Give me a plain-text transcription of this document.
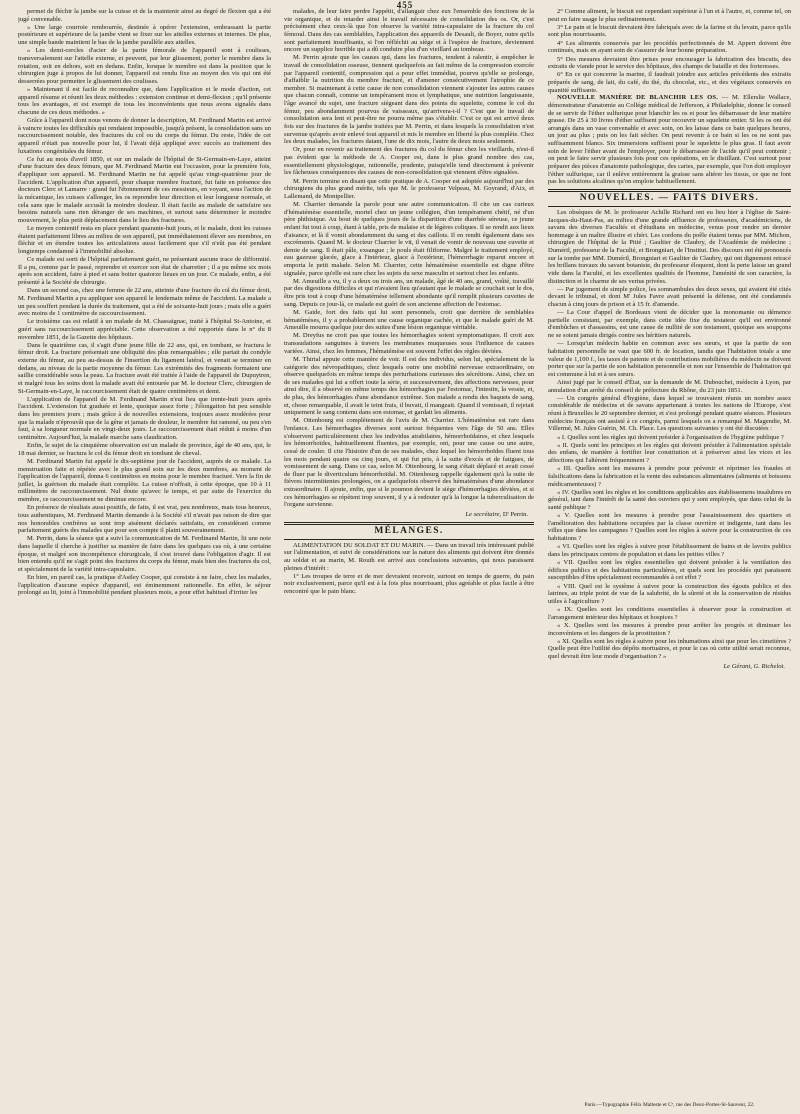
455

permet de fléchir la jambe sur la cuisse et de la maintenir ainsi au degré de flexion qui a été jugé convenable.

» Une large courroie rembourrée, destinée à opérer l'extension, embrassant la partie postérieure et supérieure de la jambe vient se fixer sur les attelles externes et internes. De plus, une simple bande maintient le bas de la jambe parallèle aux attelles.

» Les demi-cercles d'acier de la partie fémorale de l'appareil sont à coulisses, transversalement sur l'attelle externe, et peuvent, par leur glissement, porter le membre dans la rotation, soit en dehors, soit en dedans. Enfin, lorsque le membre est dans la position que le chirurgien juge à propos de lui donner, l'appareil est rendu fixe au moyen des vis qui ont été desserrées pour permettre le glissement des coulisses.

» Maintenant il est facile de reconnaître que, dans l'application et le mode d'action, cet appareil résume et réunit les deux méthodes : extension continue et demi-flexion ; qu'il présente tous les avantages, et est exempt de tous les inconvénients que nous avons signalés dans chacune de ces deux méthodes. »

Grâce à l'appareil dont nous venons de donner la description, M. Ferdinand Martin est arrivé à vaincre toutes les difficultés qui rendaient impossible, jusqu'à présent, la consolidation sans un raccourcissement notable, des fractures du col ou du corps du fémur. Du reste, l'idée de cet appareil n'était pas nouvelle pour lui, il l'avait déjà appliqué avec succès au traitement des luxations congénitales du fémur.

Ce fut au mois d'avril 1850, et sur un malade de l'hôpital de St-Germain-en-Laye, atteint d'une fracture des deux fémurs, que M. Ferdinand Martin eut l'occasion, pour la première fois, d'appliquer son appareil. M. Ferdinand Martin ne fut appelé qu'au vingt-quatrième jour de l'accident. L'application d'un appareil, pour chaque membre fracturé, fut faite en présence des docteurs Clerc et Lamarre : grand fut l'étonnement de ces messieurs, en voyant, sous l'action de la mécanique, les cuisses s'allonger, les os reprendre leur direction et leur longueur normale, et cela sans que le malade accusât la moindre douleur. Il était facile au malade de satisfaire ses besoins naturels sans rien déranger de ses machines, et surtout sans déterminer le moindre mouvement, le plus petit déplacement dans le lieu des fractures.

Le moyen contentif resta en place pendant quarante-huit jours, et le malade, dont les cuisses étaient parfaitement libres au milieu de son appareil, put immédiatement élever ses membres, en fléchir et en étendre toutes les articulations aussi facilement que s'il n'eût pas été pendant longtemps condamné à l'immobilité absolue.

Ce malade est sorti de l'hôpital parfaitement guéri, ne présentant aucune trace de difformité. Il a pu, comme par le passé, reprendre et exercer son état de charretier ; il a pu même six mois après son accident, faire à pied et sans boiter quatorze lieues en un jour. Ce malade, enfin, a été présenté à la Société de chirurgie.

Dans un second cas, chez une femme de 22 ans, atteinte d'une fracture du col du fémur droit, M. Ferdinand Martin a pu appliquer son appareil le lendemain même de l'accident. La malade a un peu souffert pendant la durée du traitement, qui a été de soixante-huit jours ; mais elle a guéri avec moins de 1 centimètre de raccourcissement.

Le troisième cas est relatif à un malade de M. Chassaignac, traité à l'hôpital St-Antoine, et guéri sans raccourcissement appréciable. Cette observation a été rapportée dans le n° du 8 novembre 1851, de la Gazette des hôpitaux.

Dans le quatrième cas, il s'agit d'une jeune fille de 22 ans, qui, en tombant, se fractura le fémur droit. La fracture présentait une obliquité des plus remarquables ; elle partait du condyle externe du fémur, au peu au-dessus de l'insertion du ligament latéral, et venait se terminer en dedans, au niveau de la partie moyenne du fémur. Les extrémités des fragments formaient une saillie considérable sous la peau. La fracture avait été traitée à l'aide de l'appareil de Dupuytren, et malgré tous les soins dont la malade avait été entourée par M. le docteur Clerc, chirurgien de St-Germain-en-Laye, le raccourcissement était de quatre centimètres et demi.

L'application de l'appareil de M. Ferdinand Martin n'eut lieu que trente-huit jours après l'accident. L'extension fut graduée et lente, quoique assez forte ; l'élongation fut peu sensible dans les premiers jours ; mais grâce à de nouvelles extensions, toujours assez modérées pour que la malade n'éprouvât que de la gêne et jamais de douleur, le membre fut ramené, ou peu s'en faut, à sa longueur normale en vingt-deux jours. Le raccourcissement était réduit à moins d'un centimètre. Aujourd'hui, la malade marche sans claudication.

Enfin, le sujet de la cinquième observation est un malade de province, âgé de 40 ans, qui, le 18 mai dernier, se fractura le col du fémur droit en tombant de cheval.

M. Ferdinand Martin fut appelé le dix-septième jour de l'accident, auprès de ce malade. La menstruation faite et répétée avec le plus grand soin sur les deux membres, au moment de l'application de l'appareil, donna 6 centimètres en moins pour le membre fracturé. Vers la fin de juillet, la guérison du malade était complète. La cuisse n'offrait, à cette époque, que 10 à 11 millimètres de raccourcissement. Nul doute qu'avec le temps, et par suite de l'exercice du membre, ce raccourcissement ne diminue encore.

En présence de résultats aussi positifs, de faits, il est vrai, peu nombreux, mais tous heureux, tous authentiques, M. Ferdinand Martin demande à la Société s'il n'avait pas raison de dire que nos honorables confrères se sont trop aisément déclarés satisfaits, en considérant comme parfaitement guéris des malades que pour son compte il plaint souverainement.

M. Perrin, dans la séance qui a suivi la communication de M. Ferdinand Martin, lit une note dans laquelle il cherche à justifier sa manière de faire dans les quelques cas où, à une certaine époque, et malgré son incompétence chirurgicale, il s'est trouvé dans l'obligation d'agir. Il est bien entendu qu'il ne s'agit point des fractures du corps du fémur, mais bien des fractures du col, et spécialement de la variété intra-capsulaire.

En bien, en pareil cas, la pratique d'Astley Cooper, qui consiste à ne faire, chez les malades, l'application d'aucune espèce d'appareil, est éminemment rationnelle. En effet, le séjour prolongé au lit, joint à l'immobilité pendant plusieurs mois, a pour effet habituel d'irriter les

malades, de leur faire perdre l'appétit, d'allanguir chez eux l'ensemble des fonctions de la vie organique, et de retarder ainsi le travail nécessaire de consolidation des os. Or, c'est précisément chez ceux-là que l'on observe la variété intra-capsulaire de la fracture du col fémoral. Dans des cas semblables, l'application des appareils de Desault, de Boyer, outre qu'ils sont parfaitement insuffisants, si l'on réfléchit au siège et à l'espèce de fracture, deviennent encore un supplice horrible qui a dû conduire plus d'un vieillard au tombeau.

M. Perrin ajoute que les causes qui, dans les fractures, tendent à ralentir, à empêcher le travail de consolidation osseuse, tiennent quelquefois au fait même de la compression exercée par l'appareil contentif, compression qui a pour effet immédiat, pourvu qu'elle se prolonge, d'affaiblir la nutrition du membre fracturé, et d'amener consécutivement l'atrophie de ce membre. Si maintenant à cette cause de non consolidation viennent s'ajouter les autres causes que chacun connaît, comme un tempérament mou et lymphatique, une nutrition languissante, l'âge avancé du sujet, une fracture siégeant dans des points du squelette, comme le col du fémur, peu abondamment pourvus de vaisseaux, qu'arrivera-t-il ? C'est que le travail de consolidation sera lent et peut-être ne pourra même pas s'établir. C'est ce qui est arrivé deux fois sur des fractures de la jambe traitées par M. Perrin, et dans lesquels la consolidation n'est survenue qu'après avoir enlevé tout appareil et mis le membre en liberté la plus complète. Chez les deux malades, les fractures datant, l'une de dix mois, l'autre de deux mois seulement.

Or, pour en revenir au traitement des fractures du col du fémur chez les vieillards, n'est-il pas évident que la méthode de A. Cooper est, dans le plus grand nombre des cas, essentiellement physiologique, rationnelle, prudente, puisqu'elle tend directement à prévenir les fâcheuses conséquences des causes de non-consolidation qui viennent d'être signalées.

M. Perrin termine en disant que cette pratique de A. Cooper est adoptée aujourd'hui par des chirurgiens du plus grand mérite, tels que M. le professeur Velpeau, M. Goyrand, d'Aix, et Lallemand, de Montpellier.

M. Charrier demande la parole pour une autre communication. Il cite un cas curieux d'hématémèse essentielle, mortel chez un jeune collégien, d'un tempérament chétif, né d'un père phthisique. Au bout de quelques jours de la disparition d'une diarrhée séreuse, ce jeune enfant fut tout à coup, étant à table, pris de malaise et de légères coliques. Il se rendit aux lieux d'aisance, et là il vomit abondamment du sang et des caillots. Il en rendit également dans ses excréments. Quand M. le docteur Charrier le vit, il venait de vomir de nouveau une cuvette et demie de sang. Il était pâle, exsangue ; le pouls était filiforme. Malgré le traitement employé, eau gazeuse glacée, glace à l'intérieur, glace à l'extérieur, l'hémorrhagie reparut encore et emporta le petit malade. Selon M. Charrier, cette hématémèse essentielle est digne d'être signalée, parce qu'elle est rare chez les sujets du sexe masculin et surtout chez les enfants.

M. Ameuille a vu, il y a deux ou trois ans, un malade, âgé de 40 ans, grand, voûté, travaillé par des digestions difficiles et qui n'avaient lieu qu'autant que le malade se couchait sur le dos, être pris tout à coup d'une hématémèse tellement abondante qu'il remplit plusieurs cuvettes de sang. Depuis ce jour-là, ce malade est guéri de son ancienne affection de l'estomac.

M. Gaide, fort des faits qui lui sont personnels, croit que derrière de semblables hématémèses, il y a probablement une cause organique cachée, et que le malade guéri de M. Ameuille mourra quelque jour des suites d'une lésion organique véritable.

M. Dreyfus ne croit pas que toutes les hémorrhagies soient symptomatiques. Il croit aux transsudations sanguines à travers les membranes muqueuses sous l'influence de causes variées. Ainsi, chez les femmes, l'hématémèse est souvent l'effet des règles déviées.

M. Thirial appuie cette manière de voir. Il est des individus, selon lui, spécialement de la catégorie des névropathiques, chez lesquels outre une mobilité nerveuse extraordinaire, on observe quelquefois en même temps des perturbations curieuses des sécrétions. Ainsi, chez un de ses malades qui lui a offert toute la série, et successivement, des affections nerveuses, pour ainsi dire, il a observé en même temps des hémorrhagies par l'estomac, l'intestin, la vessie, et, de plus, des hémorrhagies d'une abondance extrême. Son malade a rendu des baquets de sang, et, chose remarquable, il avait le teint frais, il buvait, il mangeait. Quand il vomissait, il rejetait uniquement le sang contenu dans son estomac, et gardait les aliments.

M. Ottenbourg est complètement de l'avis de M. Charrier. L'hématémèse est rare dans l'enfance. Les hémorrhagies diverses sont surtout fréquentes vers l'âge de 50 ans. Elles s'observent particulièrement chez les individus atrabilaires, hémorrhoïdaires, et chez lesquels les hémorrhoïdes, habituellement fluentes, par exemple, ont, pour une cause ou une autre, cessé de couler. Il cite l'histoire d'un de ses malades, chez lequel les hémorrhoïdes fluent tous les mois pendant quatre ou cinq jours, et qui fut pris, à la suite d'excès et de fatigues, de vomissement de sang. Dans ce cas, selon M. Ottenbourg, le sang s'était déplacé et avait cessé de fluer par le diverticulum hémorrhoïdal. M. Ottenbourg rappelle également qu'à la suite de fièvres intermittentes prolongées, on a quelquefois observé des hématémèses d'une abondance extraordinaire. Il ajoute, enfin, que si le poumon devient le siège d'hémorrhagies déviées, et si ces hémorrhagies se répètent trop souvent, il y a à redouter qu'à la longue la tuberculisation de l'organe survienne.

Le secrétaire, D' Perrin.
MÉLANGES.

ALIMENTATION DU SOLDAT ET DU MARIN. — Dans un travail très intéressant publié sur l'alimentation, et suivi de considérations sur la nature des aliments qui doivent être donnés au soldat et au marin, M. Routh est arrivé aux conclusions suivantes, qui nous paraissent pleines d'intérêt :

1° Les troupes de terre et de mer devraient recevoir, surtout en temps de guerre, du pain noir exclusivement, parce qu'il est à la fois plus nourrissant, plus agréable et plus facile à être rencontré que le pain blanc.

2° Comme aliment, le biscuit est cependant supérieur à l'un et à l'autre, et, comme tel, on peut en faire usage le plus ordinairement.

3° Le pain et le biscuit devraient être fabriqués avec de la farine et du levain, parce qu'ils sont plus nourrissants.

4° Les aliments conservés par les procédés perfectionnés de M. Appert doivent être continués, mais en ayant soin de s'assurer de leur bonne préparation.

5° Des mesures devraient être prises pour encourager la fabrication des biscuits, des extraits de viande pour le service des hôpitaux, des champs de bataille et des forteresses.

6° En ce qui concerne la marine, il faudrait joindre aux articles précédents des extraits préparés de sang, de lait, du café, du thé, du chocolat, etc., et des végétaux conservés en quantité suffisante.

NOUVELLE MANIÈRE DE BLANCHIR LES OS. — M. Ellerslie Wallace, démonstrateur d'anatomie au Collége médical de Jefferson, à Philadelphie, donne le conseil de se servir de l'éther sulfurique pour blanchir les os et pour les débarrasser de leur matière grasse. De 25 à 30 livres d'éther suffisent pour recouvrir un squelette entier. Si les os ont été arrangés dans un vase convenable et avec soin, on les laisse dans ce bain quelques heures, un jour au plus ; puis on les fait sécher. On peut revenir à ce bain si les os ne sont pas suffisamment blancs. Six immersions suffisent pour le squelette le plus gras. Il faut avoir soin de lever l'éther avant de l'employer, pour le débarrasser de l'acide qu'il peut contenir ; on peut le faire servir plusieurs fois pour ces opérations, en le distillant. C'est surtout pour préparer des pièces d'anatomie pathologique, des caries, par exemple, que l'on doit employer l'éther sulfurique, car il enlève entièrement la graisse sans altérer les tissus, ce que ne font pas les solutions alcalines qu'on emploie habituellement.

NOUVELLES. — FAITS DIVERS.

Les obsèques de M. le professeur Achille Richard ont eu lieu hier à l'église de Saint-Jacques-du-Haut-Pas, au milieu d'une grande affluence de professeurs, d'académiciens, de savans des diverses Facultés et d'étudians en médecine, venus pour rendre un dernier hommage à un maître illustre et chéri. Les cordons du poêle étaient tenus par MM. Michon, chirurgien de l'hôpital de la Pitié ; Gaultier de Claubry, de l'Académie de médecine ; Duméril, professeur de la Faculté, et Brongniart, de l'Institut. Des discours ont été prononcés sur la tombe par MM. Duméril, Brongniart et Gaultier de Claubry, qui ont dignement retracé les brillans travaux du savant botaniste, du professeur éloquent, dont la perte laisse un grand vide dans la Faculté, et les excellentes qualités de l'homme, l'aménité de son caractère, la distinction et le charme de ses vertus privées.

— Par jugement de simple police, les somnambules des deux sexes, qui avaient été cités devant le tribunal, et dont M' Jules Favre avait présenté la défense, ont été condamnés chacun à cinq jours de prison et à 15 fr. d'amende.

— La Cour d'appel de Bordeaux vient de décider que la monomanie ou démence partielle consistant, par exemple, dans cette idée fixe du testateur qu'il est environné d'embûches et d'assassins, est une cause de nullité de son testament, quoique ses soupçons ne se soient jamais dirigés contre ses héritiers naturels.

— Lorsqu'un médecin habite en commun avec ses sœurs, et que la partie de son habitation personnelle ne vaut que 600 fr. de location, tandis que l'habitation totale a une valeur de 1,100 f., les taxes de patente et de contributions mobilières du médecin ne doivent porter que sur la partie de son habitation personnelle et non sur l'ensemble de l'habitation qui est commune à lui et à ses sœurs.

Ainsi jugé par le conseil d'État, sur la demande de M. Dubouchet, médecin à Lyon, par annulation d'un arrêté du conseil de préfecture du Rhône, du 23 juin 1851.

— Un congrès général d'hygiène, dans lequel se trouvaient réunis un nombre assez considérable de médecins et de savans appartenant à toutes les nations de l'Europe, s'est réuni à Bruxelles le 20 septembre dernier, et s'est prolongé pendant quatre séances. Plusieurs médecins français ont assisté à ce congrès, parmi lesquels on a remarqué M. Magendie, M. Villermé, M. Jules Guérin, M. Ch. Place. Les questions suivantes y ont été discutées :

« I. Quelles sont les règles qui doivent présider à l'organisation de l'hygiène publique ?

« II. Quels sont les principes et les règles qui doivent présider à l'alimentation spéciale des enfans, de manière à fortifier leur constitution et à préserver ainsi les vices et les affections qui l'altèrent fréquemment ?

« III. Quelles sont les mesures à prendre pour prévenir et réprimer les fraudes et falsifications dans la fabrication et la vente des substances alimentaires (aliments et boissons médicamenteuses) ?

« IV. Quelles sont les règles et les conditions applicables aux établissemens insalubres en général, tant dans l'intérêt de la santé des ouvriers qui y sont employés, que dans celui de la santé publique ?

« V. Quelles sont les mesures à prendre pour l'assainissement des quartiers et l'amélioration des habitations occupées par la classe ouvrière et indigente, tant dans les villes que dans les campagnes ? Quelles sont les règles à suivre pour la construction de ces habitations ?

« VI. Quelles sont les règles à suivre pour l'établissement de bains et de lavoirs publics dans les principaux centres de population et dans les petites villes ?

« VII. Quelles sont les règles essentielles qui doivent présider à la ventilation des édifices publics et des habitations particulières, et quels sont les procédés qui paraissent susceptibles d'être spécialement recommandés à cet effet ?

« VIII. Quel est le système à suivre pour la construction des égouts publics et des latrines, au triple point de vue de la salubrité, de la sûreté et de la conservation de résidus utiles à l'agriculture ?

« IX. Quelles sont les conditions essentielles à observer pour la construction et l'arrangement intérieur des hôpitaux et hospices ?

« X. Quelles sont les mesures à prendre pour arrêter les progrès et diminuer les inconvéniens et les dangers de la prostitution ?

« XI. Quelles sont les règles à suivre pour les inhumations ainsi que pour les cimetières ? Quelle peut être l'utilité des dépôts mortuaires, et pour le cas où cette utilité serait reconnue, quel devrait être leur mode d'organisation ? »

Le Gérant, G. Richelot.
Paris.—Typographie Félix Malteste et Cᵉ, rue des Deux-Portes-St-Sauveur, 22.
